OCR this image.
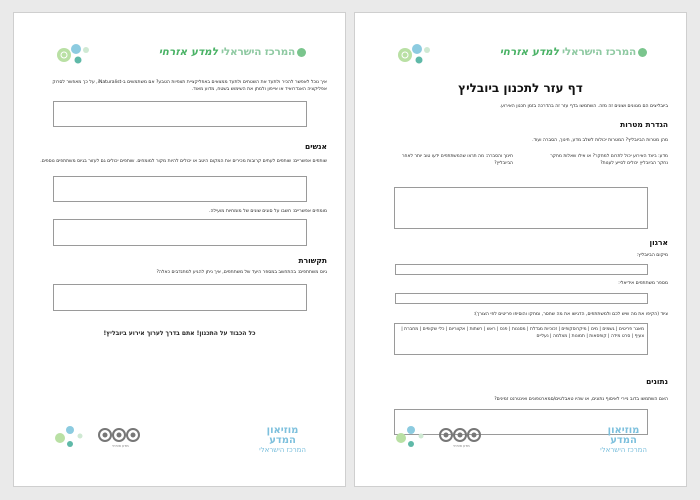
המרכז הישראלי
למדע אזרחי
איך נוכל לאפשר להכיר ולתעד את השטחים ולתעד ממצאים באפליקציית תצפיות הטבע? אם משתמשים ב-iNaturalist, על כך מאפשר לסרוק אפליקציה האנדרואיד או אייפון ולמתן את השימוש בשטח, מדוע מאוד.
אנשים
שותפים אפשריים: שותפים לעתים קרובות מכירים את המקום היטב או יכולים להיות מקור למומחים. שותפים יכולים גם לעזור בגיוס משתתפים נוספים.
מומחים אפשריים: חשבו על סוגים שונים של מומחיות מועילה.
תקשורת
גיוס משתתפים: בהתחשב במספר היעד של משתתפים, איך ניתן להגיע למתנדבים כאלה?
כל הכבוד על התכנון! אתם בדרך לערוך אירוע ביובליץ!
מדע אזרחי
מוזיאון
המדע
המרכז הישראלי
המרכז הישראלי
למדע אזרחי
דף עזר לתכנון ביובליץ
ביובליצים הם מגוונים ושונים זה מזה. השתמשו בדף עזר זה בהדרכה בזמן תכנון האירוע.
הגדרת מטרות
מהן מטרות הביובליץ? המטרות יכולות לשלב מדע, חינוך, הסברה ועוד.
מדע: ביצד האירוע יכול לתרום למחקר? או אילו שאלות מחקר נחקר הביובליץ יכולים לסייע לענות?
חינוך והסברה: מה תרצו שהמשתתפים ידעו טוב יותר לאחר הביובליץ?
ארגון
מיקום הביובליץ:
מספר משתתפים אידיאלי:
ציוד (הקיפו את מה שיש לכם ולמשתתפים, הדגישו את מה שחסר, ומחקו והוסיפו פריטים לפי הצורך):
מאגר פריטים | גשמים | מים | מיקרוסקופים | זכוכיות מגדלת | מסננות | פנס | ראש | רשתות | אקווריום | כלי שקופים | מחברת | צעיף | סרט מידה | קופסאות | תמונות | מצלמה | נעליים
נתונים
האם השתמשו בדוב ניירי לאיסוף נתונים, או שהיו טאבלטים/סמארטפונים ואינטרנט זמינים?
מדע אזרחי
מוזיאון
המדע
המרכז הישראלי
